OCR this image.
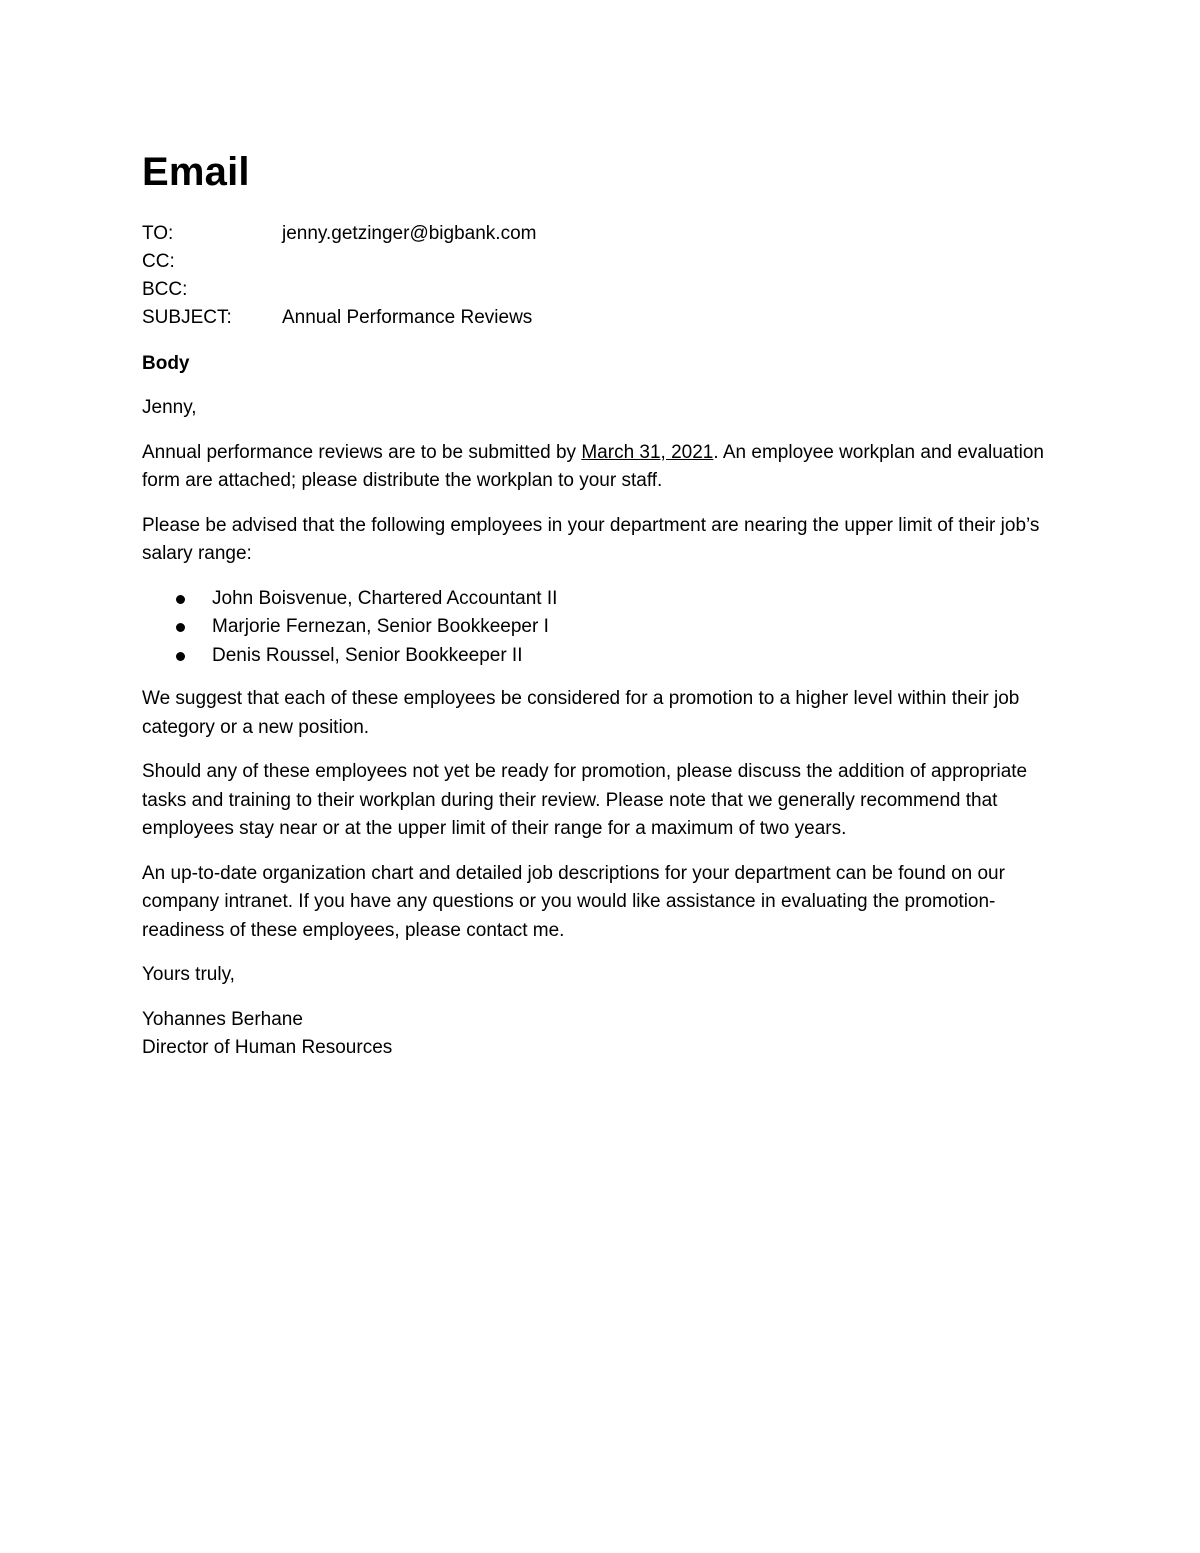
Email
TO:	jenny.getzinger@bigbank.com
CC:
BCC:
SUBJECT:	Annual Performance Reviews
Body

Jenny,

Annual performance reviews are to be submitted by March 31, 2021. An employee workplan and evaluation form are attached; please distribute the workplan to your staff.

Please be advised that the following employees in your department are nearing the upper limit of their job’s salary range:

John Boisvenue, Chartered Accountant II
Marjorie Fernezan, Senior Bookkeeper I
Denis Roussel, Senior Bookkeeper II

We suggest that each of these employees be considered for a promotion to a higher level within their job category or a new position.

Should any of these employees not yet be ready for promotion, please discuss the addition of appropriate tasks and training to their workplan during their review. Please note that we generally recommend that employees stay near or at the upper limit of their range for a maximum of two years.

An up-to-date organization chart and detailed job descriptions for your department can be found on our company intranet. If you have any questions or you would like assistance in evaluating the promotion-readiness of these employees, please contact me.

Yours truly,

Yohannes Berhane

Director of Human Resources
